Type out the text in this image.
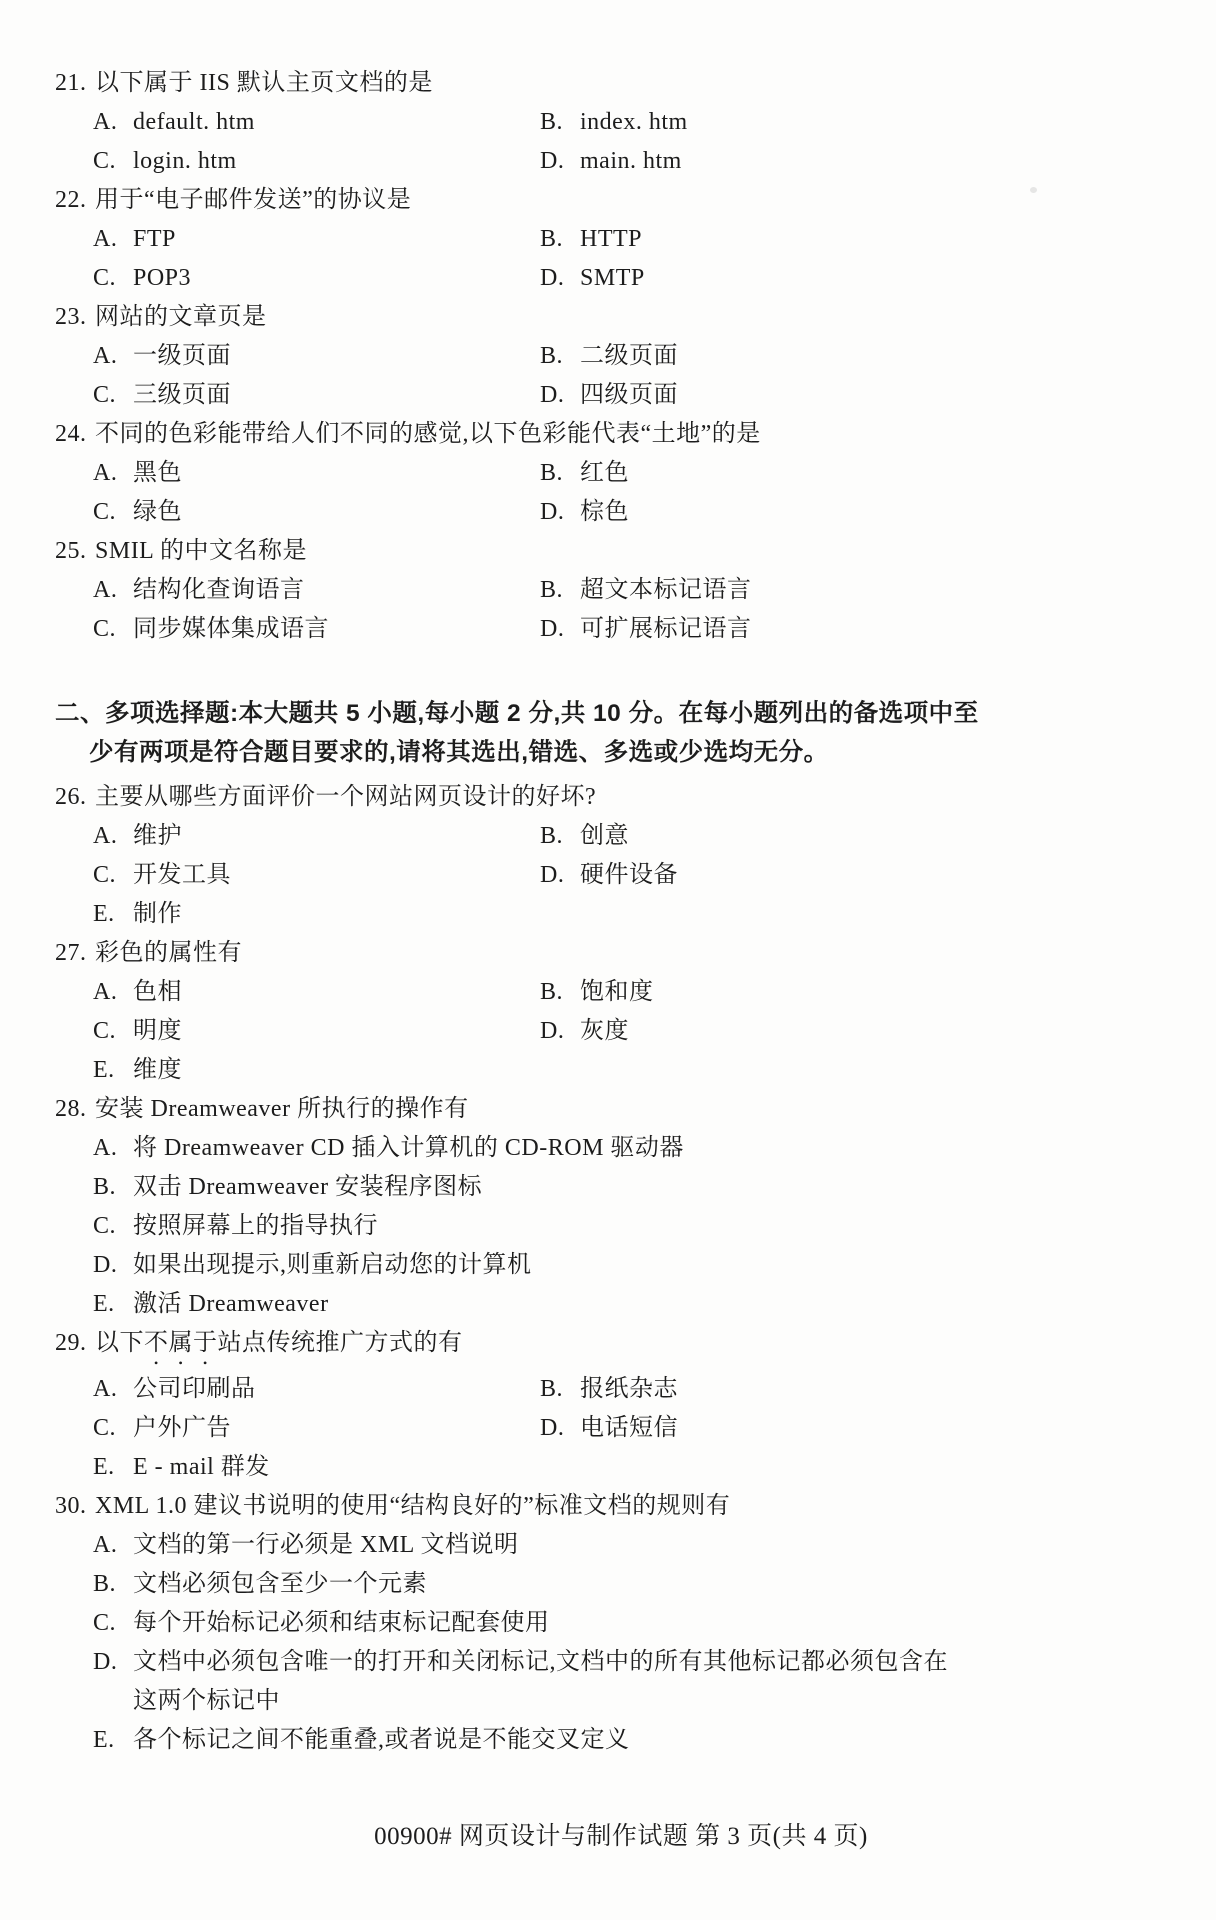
21. 以下属于 IIS 默认主页文档的是
A. default. htm	B. index. htm
C. login. htm	D. main. htm
22. 用于“电子邮件发送”的协议是
A. FTP	B. HTTP
C. POP3	D. SMTP
23. 网站的文章页是
A. 一级页面	B. 二级页面
C. 三级页面	D. 四级页面
24. 不同的色彩能带给人们不同的感觉,以下色彩能代表“土地”的是
A. 黑色	B. 红色
C. 绿色	D. 棕色
25. SMIL 的中文名称是
A. 结构化查询语言	B. 超文本标记语言
C. 同步媒体集成语言	D. 可扩展标记语言
二、多项选择题:本大题共 5 小题,每小题 2 分,共 10 分。在每小题列出的备选项中至
少有两项是符合题目要求的,请将其选出,错选、多选或少选均无分。
26. 主要从哪些方面评价一个网站网页设计的好坏?
A. 维护	B. 创意
C. 开发工具	D. 硬件设备
E. 制作
27. 彩色的属性有
A. 色相	B. 饱和度
C. 明度	D. 灰度
E. 维度
28. 安装 Dreamweaver 所执行的操作有
A. 将 Dreamweaver CD 插入计算机的 CD-ROM 驱动器
B. 双击 Dreamweaver 安装程序图标
C. 按照屏幕上的指导执行
D. 如果出现提示,则重新启动您的计算机
E. 激活 Dreamweaver
29. 以下不属于站点传统推广方式的有
A. 公司印刷品	B. 报纸杂志
C. 户外广告	D. 电话短信
E. E - mail 群发
30. XML 1.0 建议书说明的使用“结构良好的”标准文档的规则有
A. 文档的第一行必须是 XML 文档说明
B. 文档必须包含至少一个元素
C. 每个开始标记必须和结束标记配套使用
D. 文档中必须包含唯一的打开和关闭标记,文档中的所有其他标记都必须包含在
这两个标记中
E. 各个标记之间不能重叠,或者说是不能交叉定义
00900# 网页设计与制作试题 第 3 页(共 4 页)
